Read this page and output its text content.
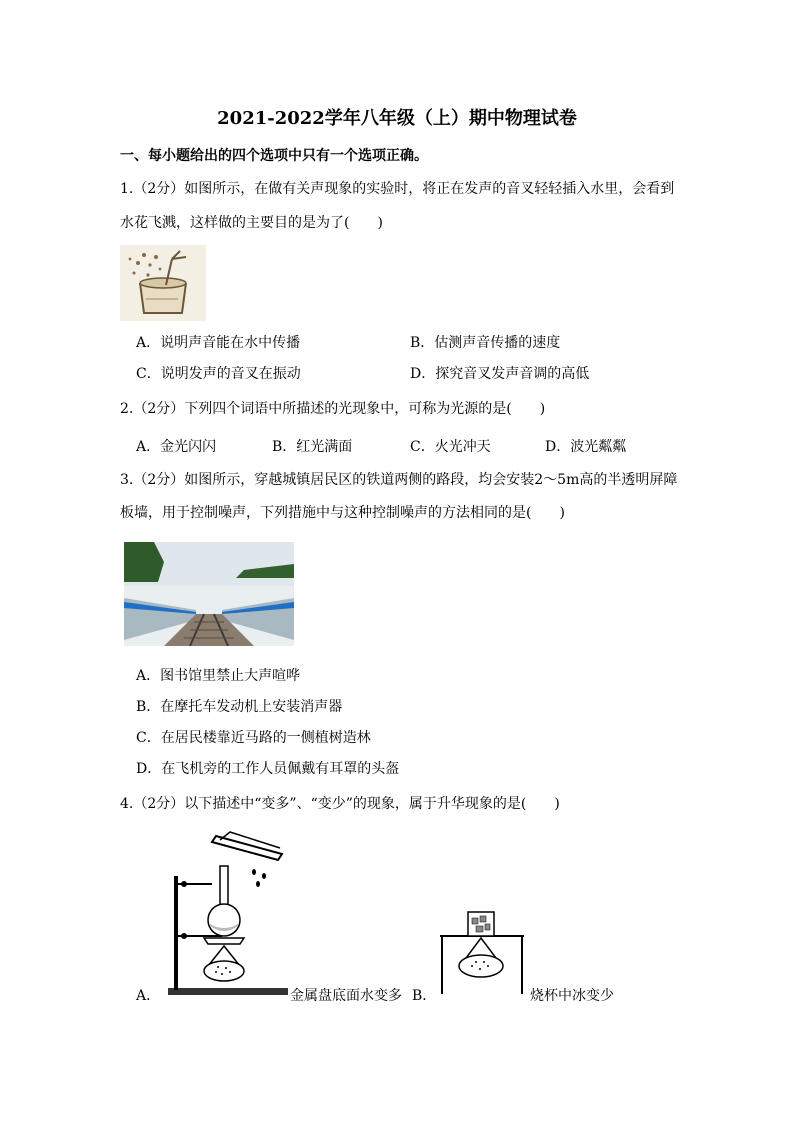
2021-2022学年八年级（上）期中物理试卷
一、每小题给出的四个选项中只有一个选项正确。
1.（2分）如图所示，在做有关声现象的实验时，将正在发声的音叉轻轻插入水里，会看到
水花飞溅，这样做的主要目的是为了(　　)
A．说明声音能在水中传播	B．估测声音传播的速度
C．说明发声的音叉在振动	D．探究音叉发声音调的高低
2.（2分）下列四个词语中所描述的光现象中，可称为光源的是(　　)
A．金光闪闪	B．红光满面	C．火光冲天	D．波光粼粼
3.（2分）如图所示，穿越城镇居民区的铁道两侧的路段，均会安装2～5m高的半透明屏障
板墙，用于控制噪声，下列措施中与这种控制噪声的方法相同的是(　　)
A．图书馆里禁止大声喧哗
B．在摩托车发动机上安装消声器
C．在居民楼靠近马路的一侧植树造林
D．在飞机旁的工作人员佩戴有耳罩的头盔
4.（2分）以下描述中“变多”、“变少”的现象，属于升华现象的是(　　)
A．	金属盘底面水变多 B．	烧杯中冰变少
